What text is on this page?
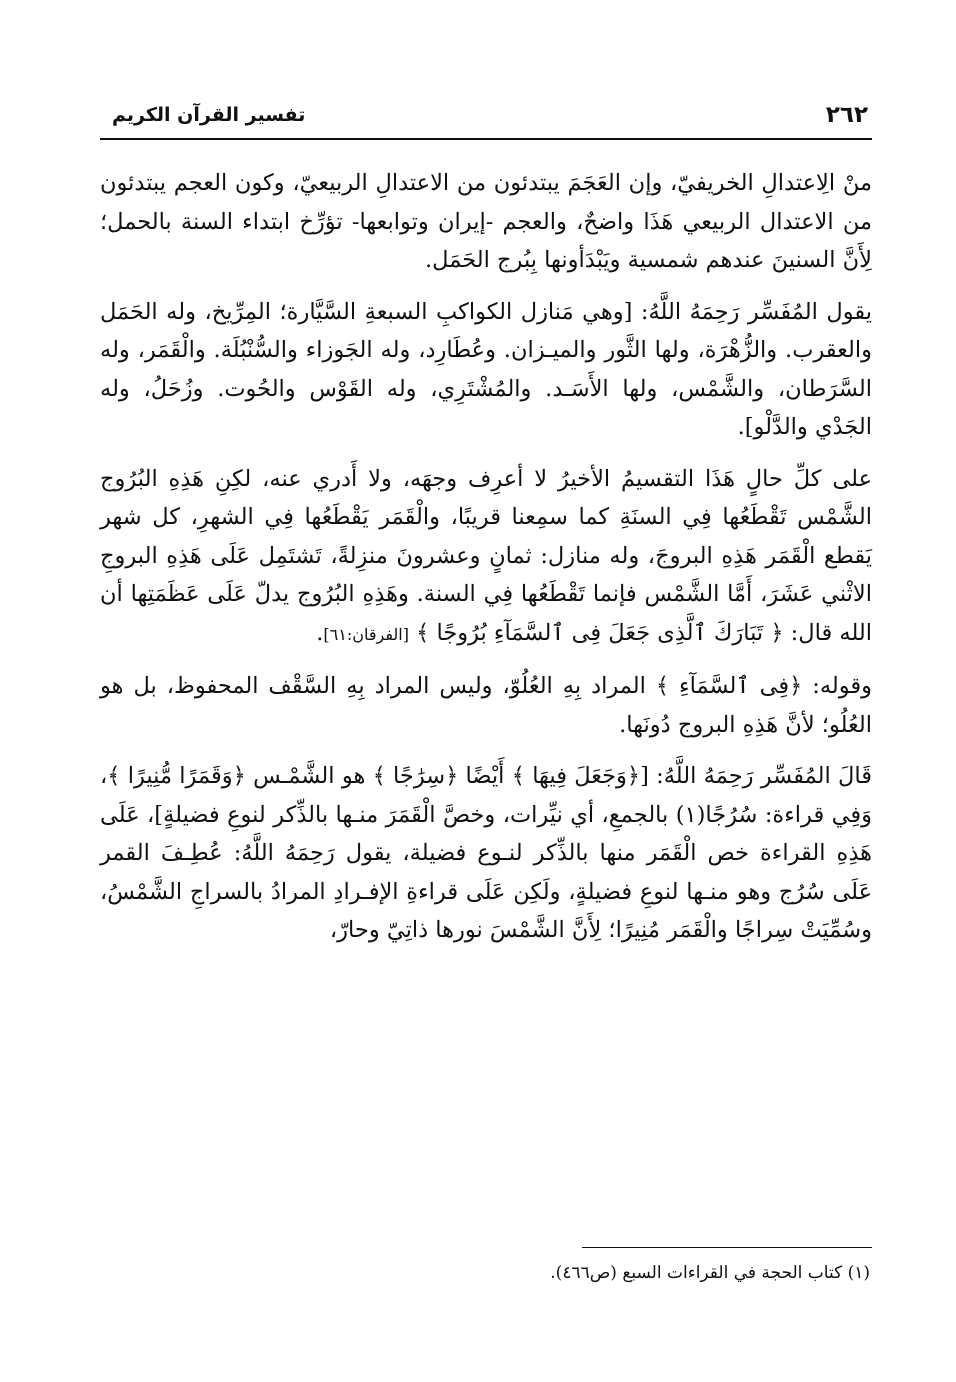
٢٦٢
تفسير القرآن الكريم

منْ الِاعتدالِ الخريفيّ، وإن العَجَمَ يبتدئون من الاعتدالِ الربيعيّ، وكون العجم يبتدئون من الاعتدال الربيعي هَذَا واضحٌ، والعجم -إيران وتوابعها- تؤرِّخ ابتداء السنة بالحمل؛ لِأَنَّ السنينَ عندهم شمسية ويَبْدَأونها بِبُرج الحَمَل.

يقول المُفَسِّر رَحِمَهُ اللَّهُ: [وهي مَنازل الكواكبِ السبعةِ السَّيَّارة؛ المِرِّيخ، وله الحَمَل والعقرب. والزُّهْرَة، ولها الثَّور والميـزان. وعُطَارِد، وله الجَوزاء والسُّنْبُلَة. والْقَمَر، وله السَّرَطان، والشَّمْس، ولها الأَسَـد. والمُشْتَرِي، وله القَوْس والحُوت. وزُحَلُ، وله الجَدْي والدَّلْو].

على كلِّ حالٍ هَذَا التقسيمُ الأخيرُ لا أعرِف وجهَه، ولا أَدري عنه، لكِنِ هَذِهِ البُرُوج الشَّمْس تَقْطَعُها فِي السنَةِ كما سمِعنا قريبًا، والْقَمَر يَقْطَعُها فِي الشهرِ، كل شهر يَقطع الْقَمَر هَذِهِ البروجَ، وله منازل: ثمانٍ وعشرونَ منزِلةً، تَشتَمِل عَلَى هَذِهِ البروجِ الاثْني عَشَرَ، أَمَّا الشَّمْس فإنما تَقْطَعُها فِي السنة. وهَذِهِ البُرُوج يدلّ عَلَى عَظَمَتِها أن الله قال: ﴿ تَبَارَكَ ٱلَّذِى جَعَلَ فِى ٱلسَّمَآءِ بُرُوجًا ﴾ [الفرقان:٦١].

وقوله: ﴿فِى ٱلسَّمَآءِ ﴾ المراد بِهِ العُلُوّ، وليس المراد بِهِ السَّقْف المحفوظ، بل هو العُلُو؛ لأنَّ هَذِهِ البروج دُونَها.

قَالَ المُفَسِّر رَحِمَهُ اللَّهُ: [﴿وَجَعَلَ فِيهَا ﴾ أَيْضًا ﴿سِرَٰجًا ﴾ هو الشَّمْـس ﴿وَقَمَرًا مُّنِيرًا ﴾، وَفِي قراءة: سُرُجًا(١) بالجمعِ، أي نيِّرات، وخصَّ الْقَمَرَ منـها بالذِّكر لنوعِ فضيلةٍ]، عَلَى هَذِهِ القراءة خص الْقَمَر منها بالذِّكر لنـوع فضيلة، يقول رَحِمَهُ اللَّهُ: عُطِـفَ القمر عَلَى سُرُج وهو منـها لنوعِ فضيلةٍ، ولَكِن عَلَى قراءةِ الإفـرادِ المرادُ بالسراجِ الشَّمْسُ، وسُمِّيَتْ سِراجًا والْقَمَر مُنِيرًا؛ لِأَنَّ الشَّمْسَ نورها ذاتِيّ وحارّ،

(١) كتاب الحجة في القراءات السبع (ص٤٦٦).
